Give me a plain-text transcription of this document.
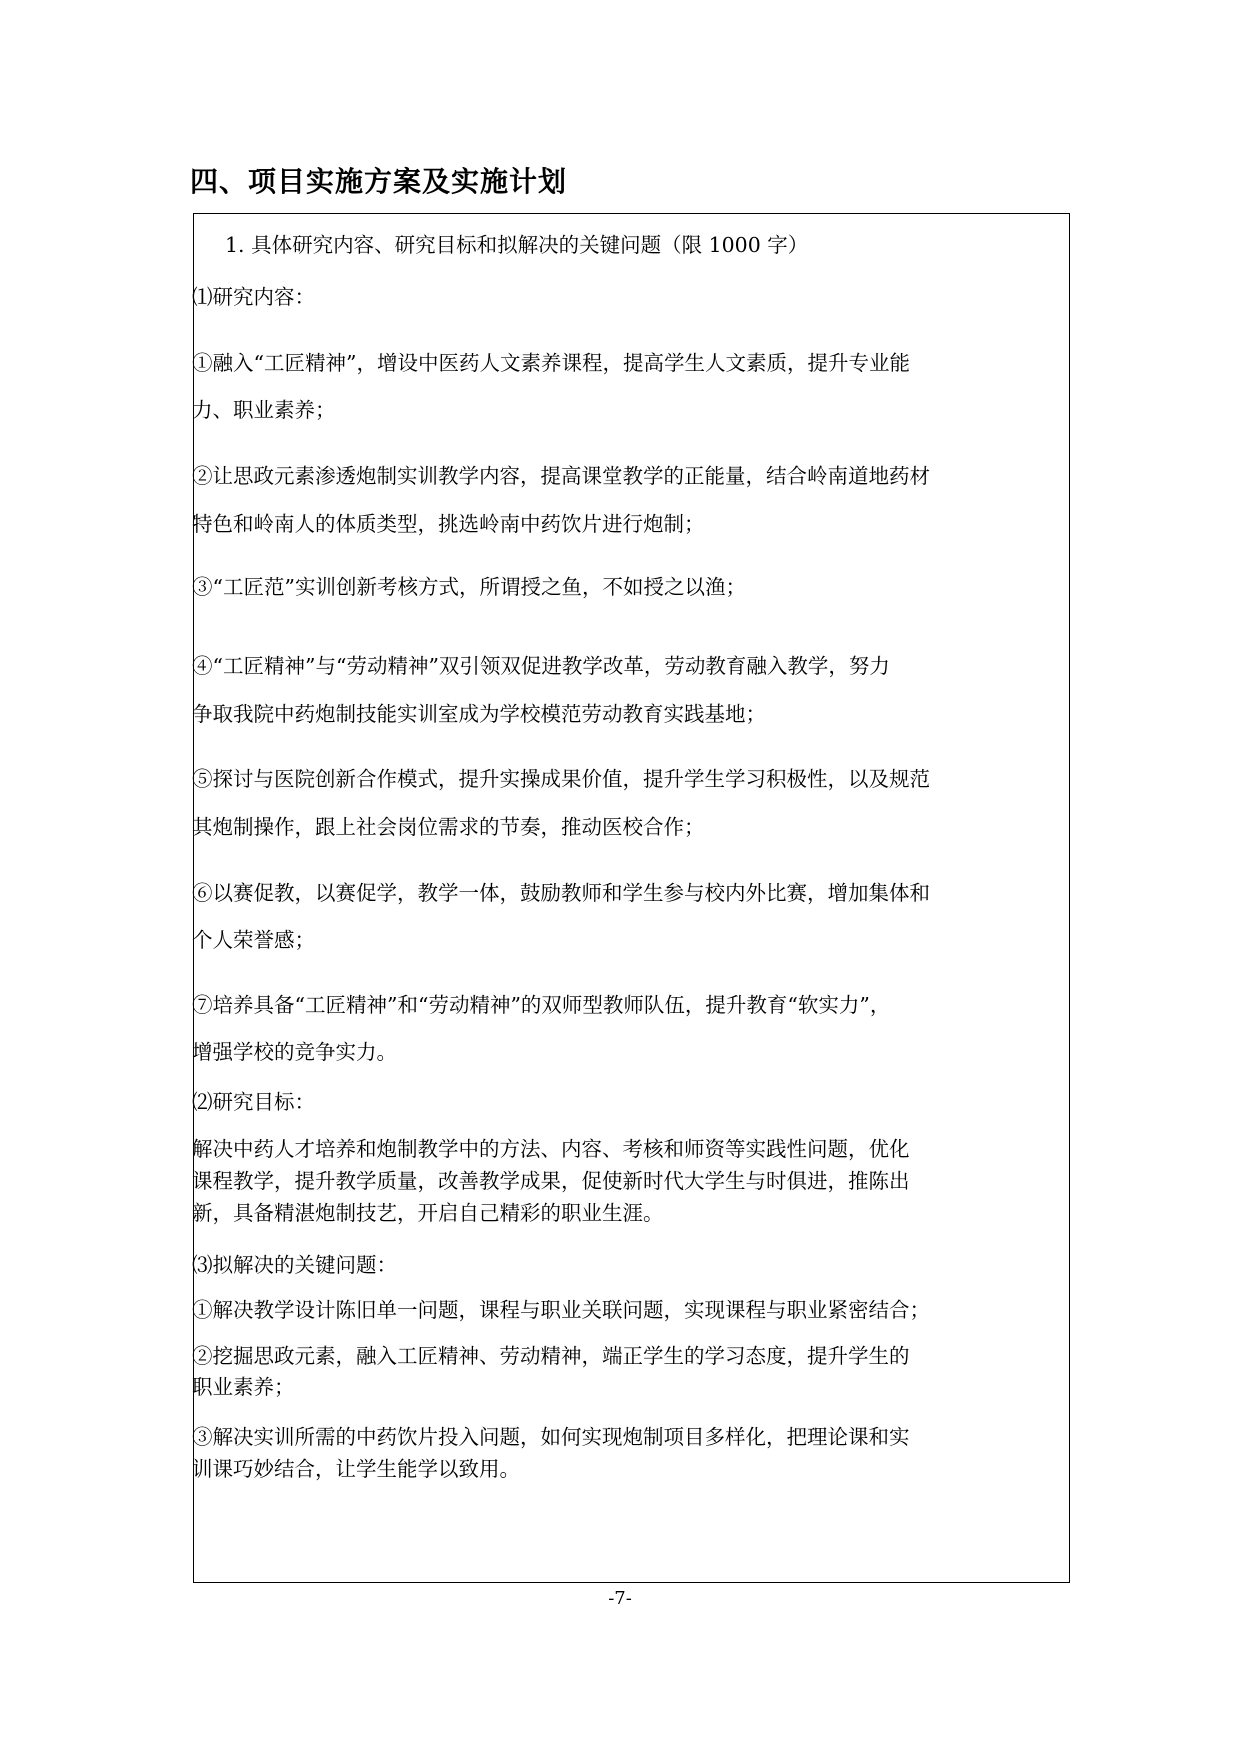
四、项目实施方案及实施计划
1. 具体研究内容、研究目标和拟解决的关键问题（限 1000 字）
⑴研究内容：
①融入“工匠精神”，增设中医药人文素养课程，提高学生人文素质，提升专业能
力、职业素养；
②让思政元素渗透炮制实训教学内容，提高课堂教学的正能量，结合岭南道地药材
特色和岭南人的体质类型，挑选岭南中药饮片进行炮制；
③“工匠范”实训创新考核方式，所谓授之鱼，不如授之以渔；
④“工匠精神”与“劳动精神”双引领双促进教学改革，劳动教育融入教学，努力
争取我院中药炮制技能实训室成为学校模范劳动教育实践基地；
⑤探讨与医院创新合作模式，提升实操成果价值，提升学生学习积极性，以及规范
其炮制操作，跟上社会岗位需求的节奏，推动医校合作；
⑥以赛促教，以赛促学，教学一体，鼓励教师和学生参与校内外比赛，增加集体和
个人荣誉感；
⑦培养具备“工匠精神”和“劳动精神”的双师型教师队伍，提升教育“软实力”，
增强学校的竞争实力。
⑵研究目标：
解决中药人才培养和炮制教学中的方法、内容、考核和师资等实践性问题，优化
课程教学，提升教学质量，改善教学成果，促使新时代大学生与时俱进，推陈出
新，具备精湛炮制技艺，开启自己精彩的职业生涯。
⑶拟解决的关键问题：
①解决教学设计陈旧单一问题，课程与职业关联问题，实现课程与职业紧密结合；
②挖掘思政元素，融入工匠精神、劳动精神，端正学生的学习态度，提升学生的
职业素养；
③解决实训所需的中药饮片投入问题，如何实现炮制项目多样化，把理论课和实
训课巧妙结合，让学生能学以致用。
-7-
